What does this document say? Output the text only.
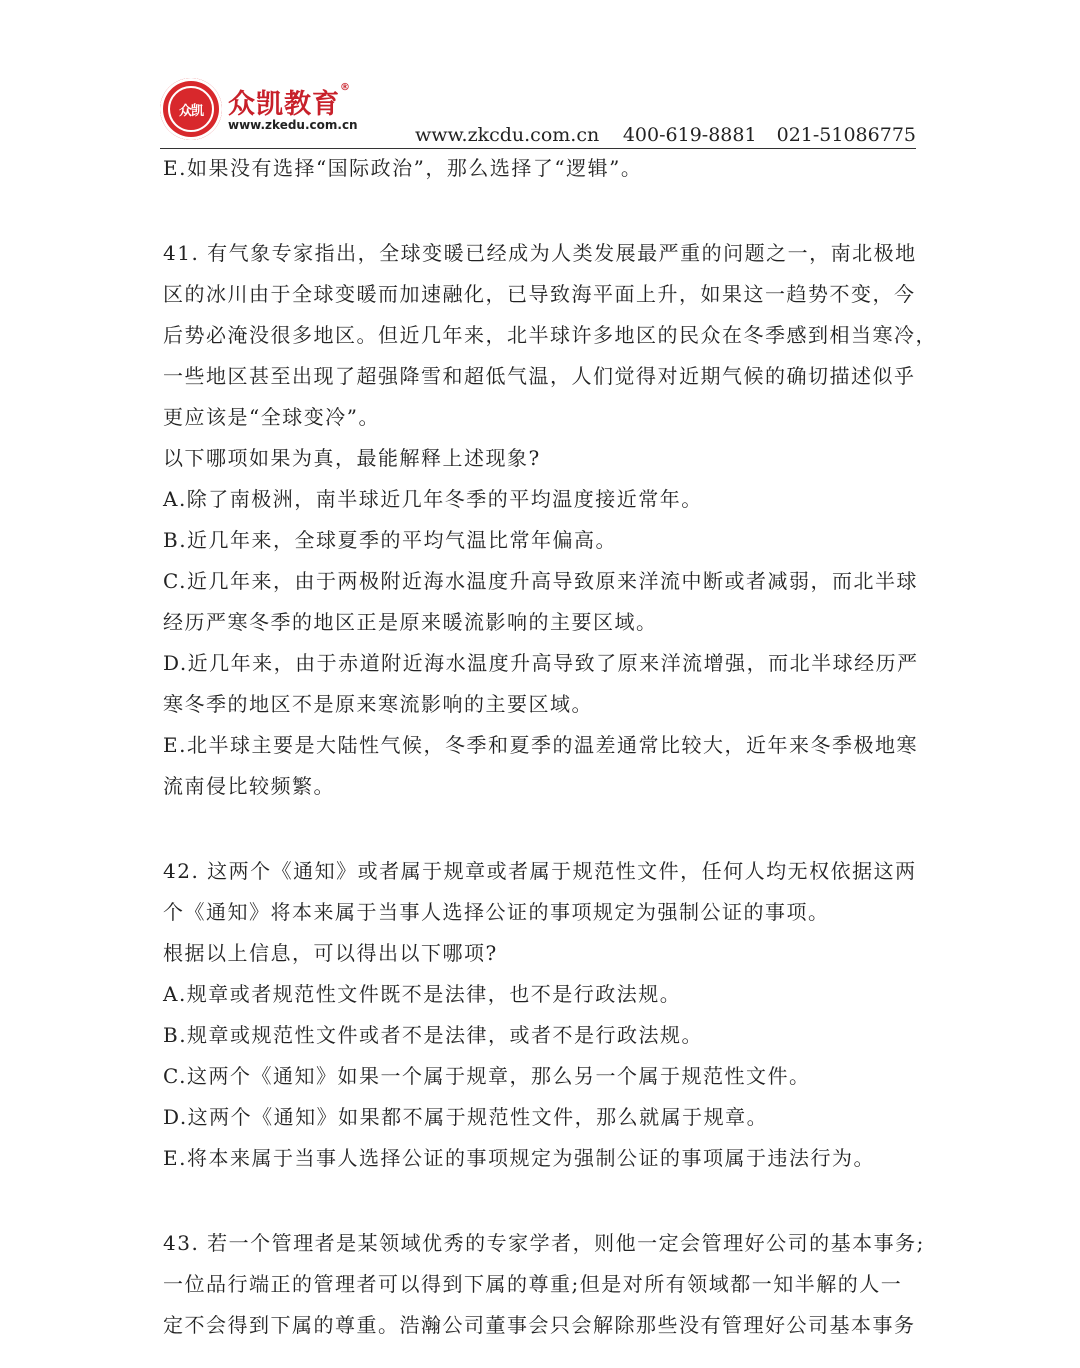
众凯 众凯教育®
www.zkedu.com.cn	www.zkcdu.com.cn 400-619-8881 021-51086775
E.如果没有选择“国际政治”，那么选择了“逻辑”。
41. 有气象专家指出，全球变暖已经成为人类发展最严重的问题之一，南北极地
区的冰川由于全球变暖而加速融化，已导致海平面上升，如果这一趋势不变，今
后势必淹没很多地区。但近几年来，北半球许多地区的民众在冬季感到相当寒冷，
一些地区甚至出现了超强降雪和超低气温，人们觉得对近期气候的确切描述似乎
更应该是“全球变冷”。
以下哪项如果为真，最能解释上述现象?
A.除了南极洲，南半球近几年冬季的平均温度接近常年。
B.近几年来，全球夏季的平均气温比常年偏高。
C.近几年来，由于两极附近海水温度升高导致原来洋流中断或者减弱，而北半球
经历严寒冬季的地区正是原来暖流影响的主要区域。
D.近几年来，由于赤道附近海水温度升高导致了原来洋流增强，而北半球经历严
寒冬季的地区不是原来寒流影响的主要区域。
E.北半球主要是大陆性气候，冬季和夏季的温差通常比较大，近年来冬季极地寒
流南侵比较频繁。
42. 这两个《通知》或者属于规章或者属于规范性文件，任何人均无权依据这两
个《通知》将本来属于当事人选择公证的事项规定为强制公证的事项。
根据以上信息，可以得出以下哪项?
A.规章或者规范性文件既不是法律，也不是行政法规。
B.规章或规范性文件或者不是法律，或者不是行政法规。
C.这两个《通知》如果一个属于规章，那么另一个属于规范性文件。
D.这两个《通知》如果都不属于规范性文件，那么就属于规章。
E.将本来属于当事人选择公证的事项规定为强制公证的事项属于违法行为。
43. 若一个管理者是某领域优秀的专家学者，则他一定会管理好公司的基本事务;
一位品行端正的管理者可以得到下属的尊重;但是对所有领域都一知半解的人一
定不会得到下属的尊重。浩瀚公司董事会只会解除那些没有管理好公司基本事务
